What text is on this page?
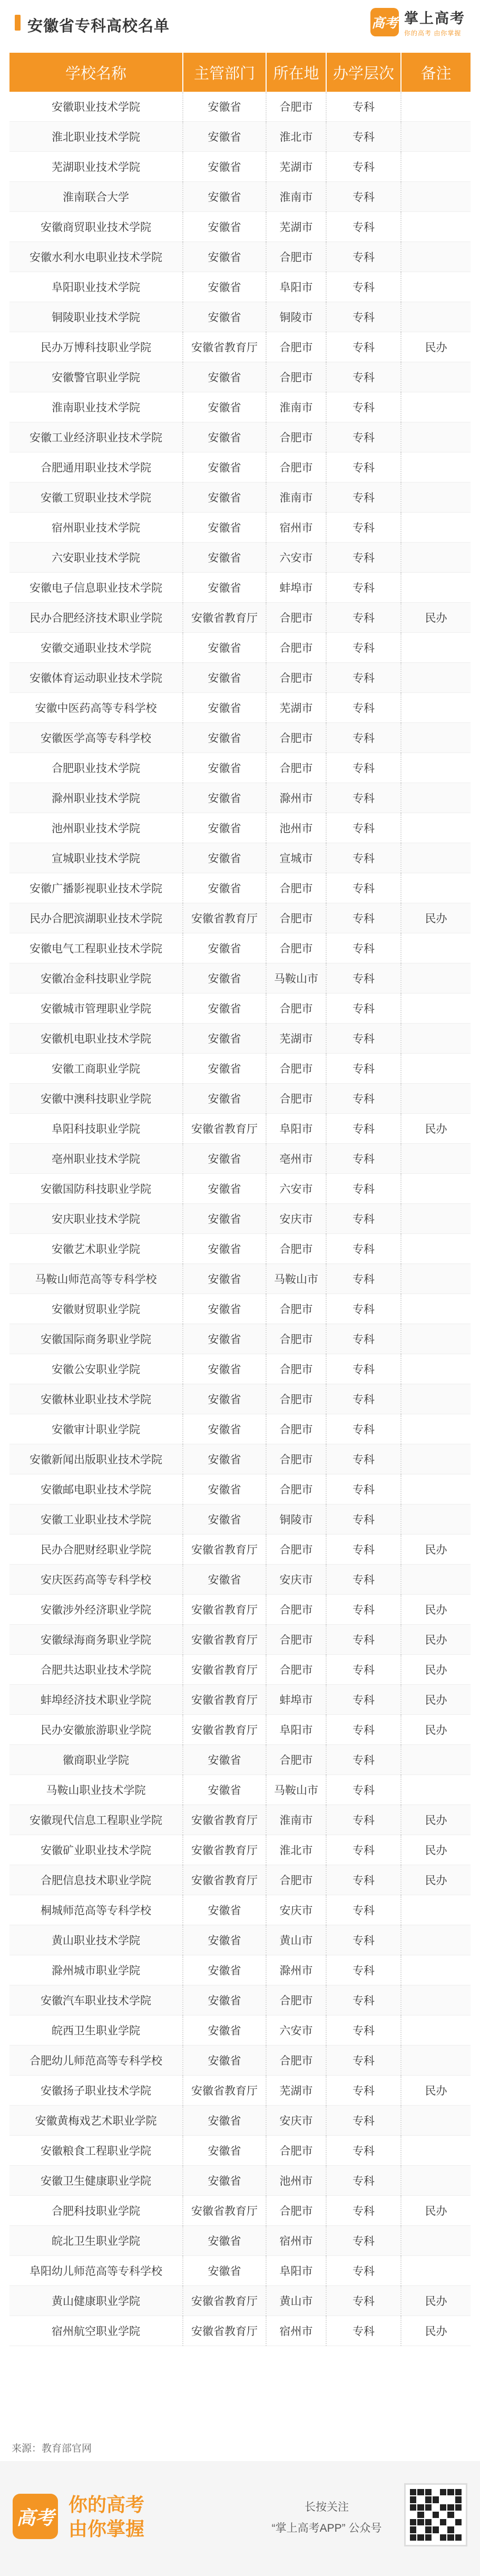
安徽省专科高校名单	高考 掌上高考
你的高考 由你掌握
学校名称	主管部门	所在地	办学层次	备注
安徽职业技术学院	安徽省	合肥市	专科	
淮北职业技术学院	安徽省	淮北市	专科	
芜湖职业技术学院	安徽省	芜湖市	专科	
淮南联合大学	安徽省	淮南市	专科	
安徽商贸职业技术学院	安徽省	芜湖市	专科	
安徽水利水电职业技术学院	安徽省	合肥市	专科	
阜阳职业技术学院	安徽省	阜阳市	专科	
铜陵职业技术学院	安徽省	铜陵市	专科	
民办万博科技职业学院	安徽省教育厅	合肥市	专科	民办
安徽警官职业学院	安徽省	合肥市	专科	
淮南职业技术学院	安徽省	淮南市	专科	
安徽工业经济职业技术学院	安徽省	合肥市	专科	
合肥通用职业技术学院	安徽省	合肥市	专科	
安徽工贸职业技术学院	安徽省	淮南市	专科	
宿州职业技术学院	安徽省	宿州市	专科	
六安职业技术学院	安徽省	六安市	专科	
安徽电子信息职业技术学院	安徽省	蚌埠市	专科	
民办合肥经济技术职业学院	安徽省教育厅	合肥市	专科	民办
安徽交通职业技术学院	安徽省	合肥市	专科	
安徽体育运动职业技术学院	安徽省	合肥市	专科	
安徽中医药高等专科学校	安徽省	芜湖市	专科	
安徽医学高等专科学校	安徽省	合肥市	专科	
合肥职业技术学院	安徽省	合肥市	专科	
滁州职业技术学院	安徽省	滁州市	专科	
池州职业技术学院	安徽省	池州市	专科	
宣城职业技术学院	安徽省	宣城市	专科	
安徽广播影视职业技术学院	安徽省	合肥市	专科	
民办合肥滨湖职业技术学院	安徽省教育厅	合肥市	专科	民办
安徽电气工程职业技术学院	安徽省	合肥市	专科	
安徽冶金科技职业学院	安徽省	马鞍山市	专科	
安徽城市管理职业学院	安徽省	合肥市	专科	
安徽机电职业技术学院	安徽省	芜湖市	专科	
安徽工商职业学院	安徽省	合肥市	专科	
安徽中澳科技职业学院	安徽省	合肥市	专科	
阜阳科技职业学院	安徽省教育厅	阜阳市	专科	民办
亳州职业技术学院	安徽省	亳州市	专科	
安徽国防科技职业学院	安徽省	六安市	专科	
安庆职业技术学院	安徽省	安庆市	专科	
安徽艺术职业学院	安徽省	合肥市	专科	
马鞍山师范高等专科学校	安徽省	马鞍山市	专科	
安徽财贸职业学院	安徽省	合肥市	专科	
安徽国际商务职业学院	安徽省	合肥市	专科	
安徽公安职业学院	安徽省	合肥市	专科	
安徽林业职业技术学院	安徽省	合肥市	专科	
安徽审计职业学院	安徽省	合肥市	专科	
安徽新闻出版职业技术学院	安徽省	合肥市	专科	
安徽邮电职业技术学院	安徽省	合肥市	专科	
安徽工业职业技术学院	安徽省	铜陵市	专科	
民办合肥财经职业学院	安徽省教育厅	合肥市	专科	民办
安庆医药高等专科学校	安徽省	安庆市	专科	
安徽涉外经济职业学院	安徽省教育厅	合肥市	专科	民办
安徽绿海商务职业学院	安徽省教育厅	合肥市	专科	民办
合肥共达职业技术学院	安徽省教育厅	合肥市	专科	民办
蚌埠经济技术职业学院	安徽省教育厅	蚌埠市	专科	民办
民办安徽旅游职业学院	安徽省教育厅	阜阳市	专科	民办
徽商职业学院	安徽省	合肥市	专科	
马鞍山职业技术学院	安徽省	马鞍山市	专科	
安徽现代信息工程职业学院	安徽省教育厅	淮南市	专科	民办
安徽矿业职业技术学院	安徽省教育厅	淮北市	专科	民办
合肥信息技术职业学院	安徽省教育厅	合肥市	专科	民办
桐城师范高等专科学校	安徽省	安庆市	专科	
黄山职业技术学院	安徽省	黄山市	专科	
滁州城市职业学院	安徽省	滁州市	专科	
安徽汽车职业技术学院	安徽省	合肥市	专科	
皖西卫生职业学院	安徽省	六安市	专科	
合肥幼儿师范高等专科学校	安徽省	合肥市	专科	
安徽扬子职业技术学院	安徽省教育厅	芜湖市	专科	民办
安徽黄梅戏艺术职业学院	安徽省	安庆市	专科	
安徽粮食工程职业学院	安徽省	合肥市	专科	
安徽卫生健康职业学院	安徽省	池州市	专科	
合肥科技职业学院	安徽省教育厅	合肥市	专科	民办
皖北卫生职业学院	安徽省	宿州市	专科	
阜阳幼儿师范高等专科学校	安徽省	阜阳市	专科	
黄山健康职业学院	安徽省教育厅	黄山市	专科	民办
宿州航空职业学院	安徽省教育厅	宿州市	专科	民办
来源：教育部官网
高考
你的高考
由你掌握
长按关注
“掌上高考APP” 公众号
